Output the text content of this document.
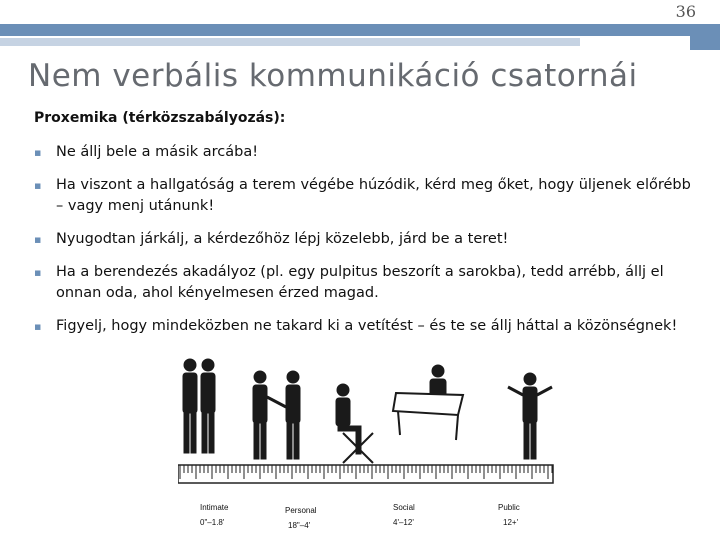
36
Nem verbális kommunikáció csatornái
Proxemika (térközszabályozás):
▪ Ne állj bele a másik arcába!
▪ Ha viszont a hallgatóság a terem végébe húzódik, kérd meg őket, hogy üljenek előrébb – vagy menj utánunk!
▪ Nyugodtan járkálj, a kérdezőhöz lépj közelebb, járd be a teret!
▪ Ha a berendezés akadályoz (pl. egy pulpitus beszorít a sarokba), tedd arrébb, állj el onnan oda, ahol kényelmesen érzed magad.
▪ Figyelj, hogy mindeközben ne takard ki a vetítést – és te se állj háttal a közönségnek!
Intimate
0"–1.8'
Personal
18"–4'
Social
4'–12'
Public
12+'
